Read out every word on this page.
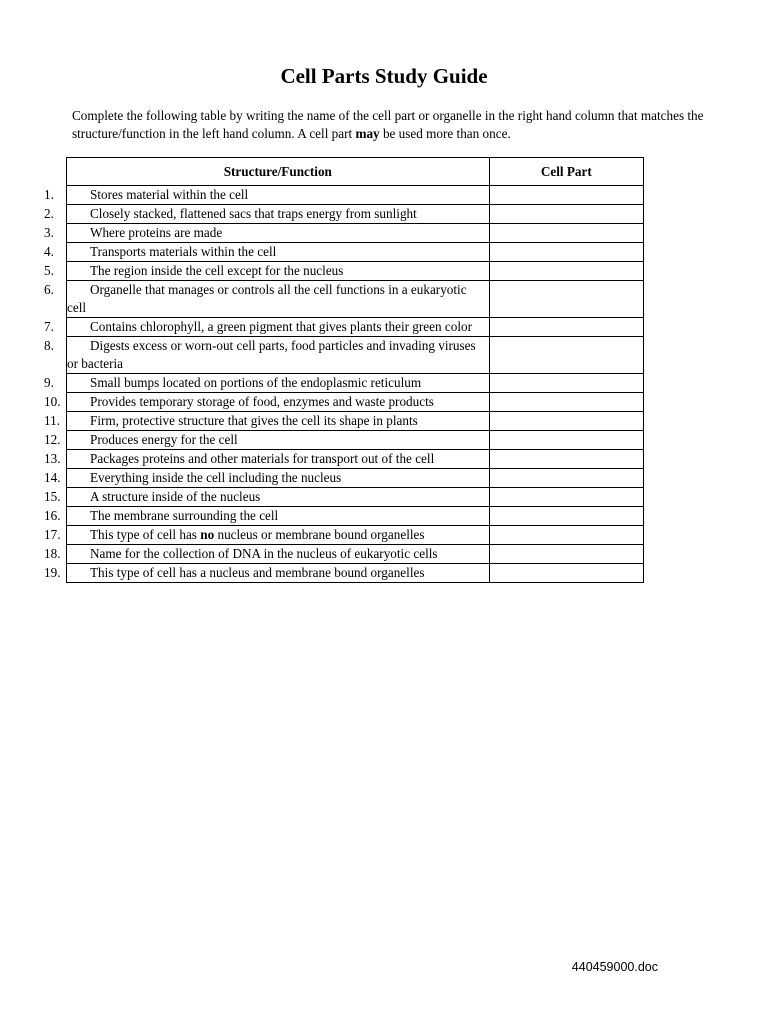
Cell Parts Study Guide

Complete the following table by writing the name of the cell part or organelle in the right hand column that matches the structure/function in the left hand column. A cell part may be used more than once.

Structure/Function	Cell Part
1. Stores material within the cell	
2. Closely stacked, flattened sacs that traps energy from sunlight	
3. Where proteins are made	
4. Transports materials within the cell	
5. The region inside the cell except for the nucleus	
6. Organelle that manages or controls all the cell functions in a eukaryotic cell	
7. Contains chlorophyll, a green pigment that gives plants their green color	
8. Digests excess or worn-out cell parts, food particles and invading viruses or bacteria	
9. Small bumps located on portions of the endoplasmic reticulum	
10. Provides temporary storage of food, enzymes and waste products	
11. Firm, protective structure that gives the cell its shape in plants	
12. Produces energy for the cell	
13. Packages proteins and other materials for transport out of the cell	
14. Everything inside the cell including the nucleus	
15. A structure inside of the nucleus	
16. The membrane surrounding the cell	
17. This type of cell has no nucleus or membrane bound organelles	
18. Name for the collection of DNA in the nucleus of eukaryotic cells	
19. This type of cell has a nucleus and membrane bound organelles	
440459000.doc
